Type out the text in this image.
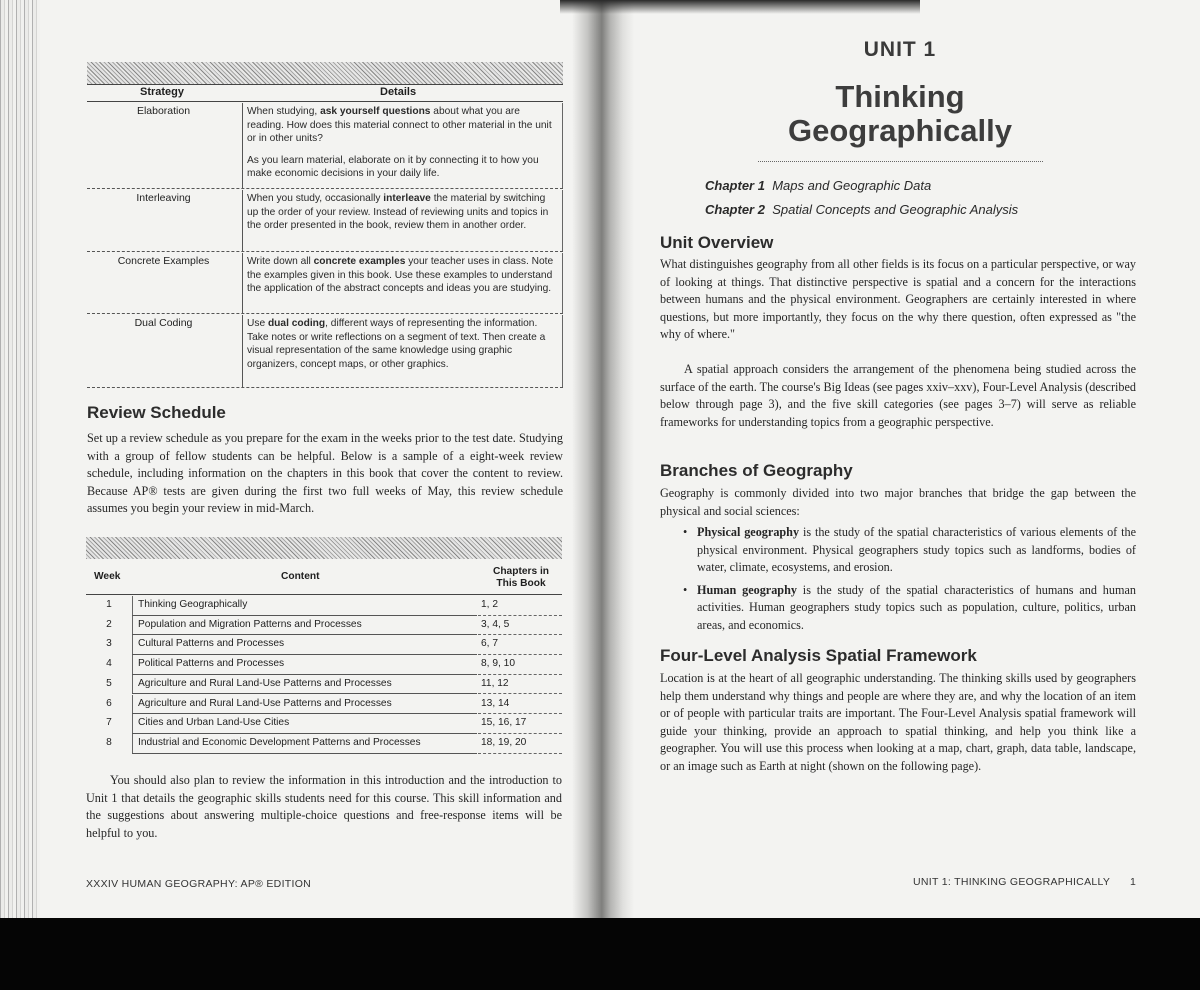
Strategy	Details
Elaboration	When studying, ask yourself questions about what you are reading. How does this material connect to other material in the unit or in other units?
As you learn material, elaborate on it by connecting it to how you make economic decisions in your daily life.
Interleaving	When you study, occasionally interleave the material by switching up the order of your review. Instead of reviewing units and topics in the order presented in the book, review them in another order.
Concrete Examples	Write down all concrete examples your teacher uses in class. Note the examples given in this book. Use these examples to understand the application of the abstract concepts and ideas you are studying.
Dual Coding	Use dual coding, different ways of representing the information. Take notes or write reflections on a segment of text. Then create a visual representation of the same knowledge using graphic organizers, concept maps, or other graphics.
Review Schedule

Set up a review schedule as you prepare for the exam in the weeks prior to the test date. Studying with a group of fellow students can be helpful. Below is a sample of a eight-week review schedule, including information on the chapters in this book that cover the content to review. Because AP® tests are given during the first two full weeks of May, this review schedule assumes you begin your review in mid-March.

Week	Content	Chapters in This Book
1	Thinking Geographically	1, 2
2	Population and Migration Patterns and Processes	3, 4, 5
3	Cultural Patterns and Processes	6, 7
4	Political Patterns and Processes	8, 9, 10
5	Agriculture and Rural Land-Use Patterns and Processes	11, 12
6	Agriculture and Rural Land-Use Patterns and Processes	13, 14
7	Cities and Urban Land-Use Cities	15, 16, 17
8	Industrial and Economic Development Patterns and Processes	18, 19, 20

You should also plan to review the information in this introduction and the introduction to Unit 1 that details the geographic skills students need for this course. This skill information and the suggestions about answering multiple-choice questions and free-response items will be helpful to you.

XXXIV HUMAN GEOGRAPHY: AP® EDITION
UNIT 1
Thinking
Geographically
Chapter 1 Maps and Geographic Data
Chapter 2 Spatial Concepts and Geographic Analysis
Unit Overview

What distinguishes geography from all other fields is its focus on a particular perspective, or way of looking at things. That distinctive perspective is spatial and a concern for the interactions between humans and the physical environment. Geographers are certainly interested in where questions, but more importantly, they focus on the why there question, often expressed as "the why of where."

A spatial approach considers the arrangement of the phenomena being studied across the surface of the earth. The course's Big Ideas (see pages xxiv–xxv), Four-Level Analysis (described below through page 3), and the five skill categories (see pages 3–7) will serve as reliable frameworks for understanding topics from a geographic perspective.

Branches of Geography

Geography is commonly divided into two major branches that bridge the gap between the physical and social sciences:

• Physical geography is the study of the spatial characteristics of various elements of the physical environment. Physical geographers study topics such as landforms, bodies of water, climate, ecosystems, and erosion.
• Human geography is the study of the spatial characteristics of humans and human activities. Human geographers study topics such as population, culture, politics, urban areas, and economics.
Four-Level Analysis Spatial Framework

Location is at the heart of all geographic understanding. The thinking skills used by geographers help them understand why things and people are where they are, and why the location of an item or of people with particular traits are important. The Four-Level Analysis spatial framework will guide your thinking, provide an approach to spatial thinking, and help you think like a geographer. You will use this process when looking at a map, chart, graph, data table, landscape, or an image such as Earth at night (shown on the following page).

UNIT 1: THINKING GEOGRAPHICALLY 1
